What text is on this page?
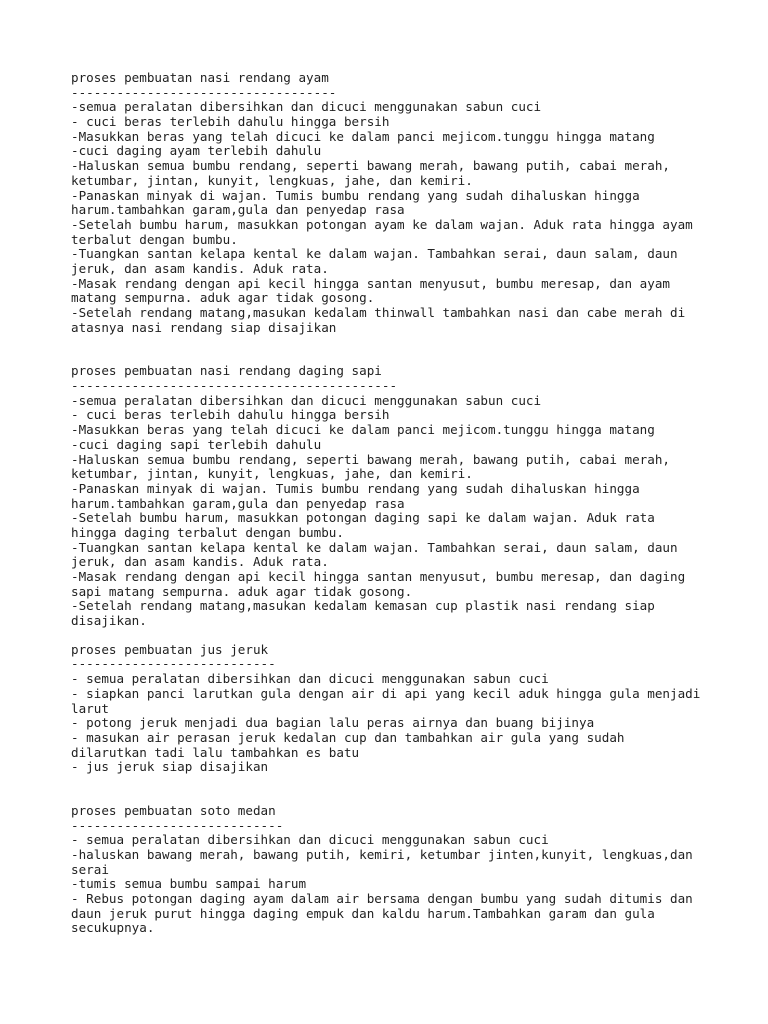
proses pembuatan nasi rendang ayam
-----------------------------------
-semua peralatan dibersihkan dan dicuci menggunakan sabun cuci
- cuci beras terlebih dahulu hingga bersih
-Masukkan beras yang telah dicuci ke dalam panci mejicom.tunggu hingga matang
-cuci daging ayam terlebih dahulu
-Haluskan semua bumbu rendang, seperti bawang merah, bawang putih, cabai merah,
ketumbar, jintan, kunyit, lengkuas, jahe, dan kemiri.
-Panaskan minyak di wajan. Tumis bumbu rendang yang sudah dihaluskan hingga
harum.tambahkan garam,gula dan penyedap rasa
-Setelah bumbu harum, masukkan potongan ayam ke dalam wajan. Aduk rata hingga ayam
terbalut dengan bumbu.
-Tuangkan santan kelapa kental ke dalam wajan. Tambahkan serai, daun salam, daun
jeruk, dan asam kandis. Aduk rata.
-Masak rendang dengan api kecil hingga santan menyusut, bumbu meresap, dan ayam
matang sempurna. aduk agar tidak gosong.
-Setelah rendang matang,masukan kedalam thinwall tambahkan nasi dan cabe merah di
atasnya nasi rendang siap disajikan
proses pembuatan nasi rendang daging sapi
-------------------------------------------
-semua peralatan dibersihkan dan dicuci menggunakan sabun cuci
- cuci beras terlebih dahulu hingga bersih
-Masukkan beras yang telah dicuci ke dalam panci mejicom.tunggu hingga matang
-cuci daging sapi terlebih dahulu
-Haluskan semua bumbu rendang, seperti bawang merah, bawang putih, cabai merah,
ketumbar, jintan, kunyit, lengkuas, jahe, dan kemiri.
-Panaskan minyak di wajan. Tumis bumbu rendang yang sudah dihaluskan hingga
harum.tambahkan garam,gula dan penyedap rasa
-Setelah bumbu harum, masukkan potongan daging sapi ke dalam wajan. Aduk rata
hingga daging terbalut dengan bumbu.
-Tuangkan santan kelapa kental ke dalam wajan. Tambahkan serai, daun salam, daun
jeruk, dan asam kandis. Aduk rata.
-Masak rendang dengan api kecil hingga santan menyusut, bumbu meresap, dan daging
sapi matang sempurna. aduk agar tidak gosong.
-Setelah rendang matang,masukan kedalam kemasan cup plastik nasi rendang siap
disajikan.
proses pembuatan jus jeruk
---------------------------
- semua peralatan dibersihkan dan dicuci menggunakan sabun cuci
- siapkan panci larutkan gula dengan air di api yang kecil aduk hingga gula menjadi
larut
- potong jeruk menjadi dua bagian lalu peras airnya dan buang bijinya
- masukan air perasan jeruk kedalan cup dan tambahkan air gula yang sudah
dilarutkan tadi lalu tambahkan es batu
- jus jeruk siap disajikan
proses pembuatan soto medan
----------------------------
- semua peralatan dibersihkan dan dicuci menggunakan sabun cuci
-haluskan bawang merah, bawang putih, kemiri, ketumbar jinten,kunyit, lengkuas,dan
serai
-tumis semua bumbu sampai harum
- Rebus potongan daging ayam dalam air bersama dengan bumbu yang sudah ditumis dan
daun jeruk purut hingga daging empuk dan kaldu harum.Tambahkan garam dan gula
secukupnya.
